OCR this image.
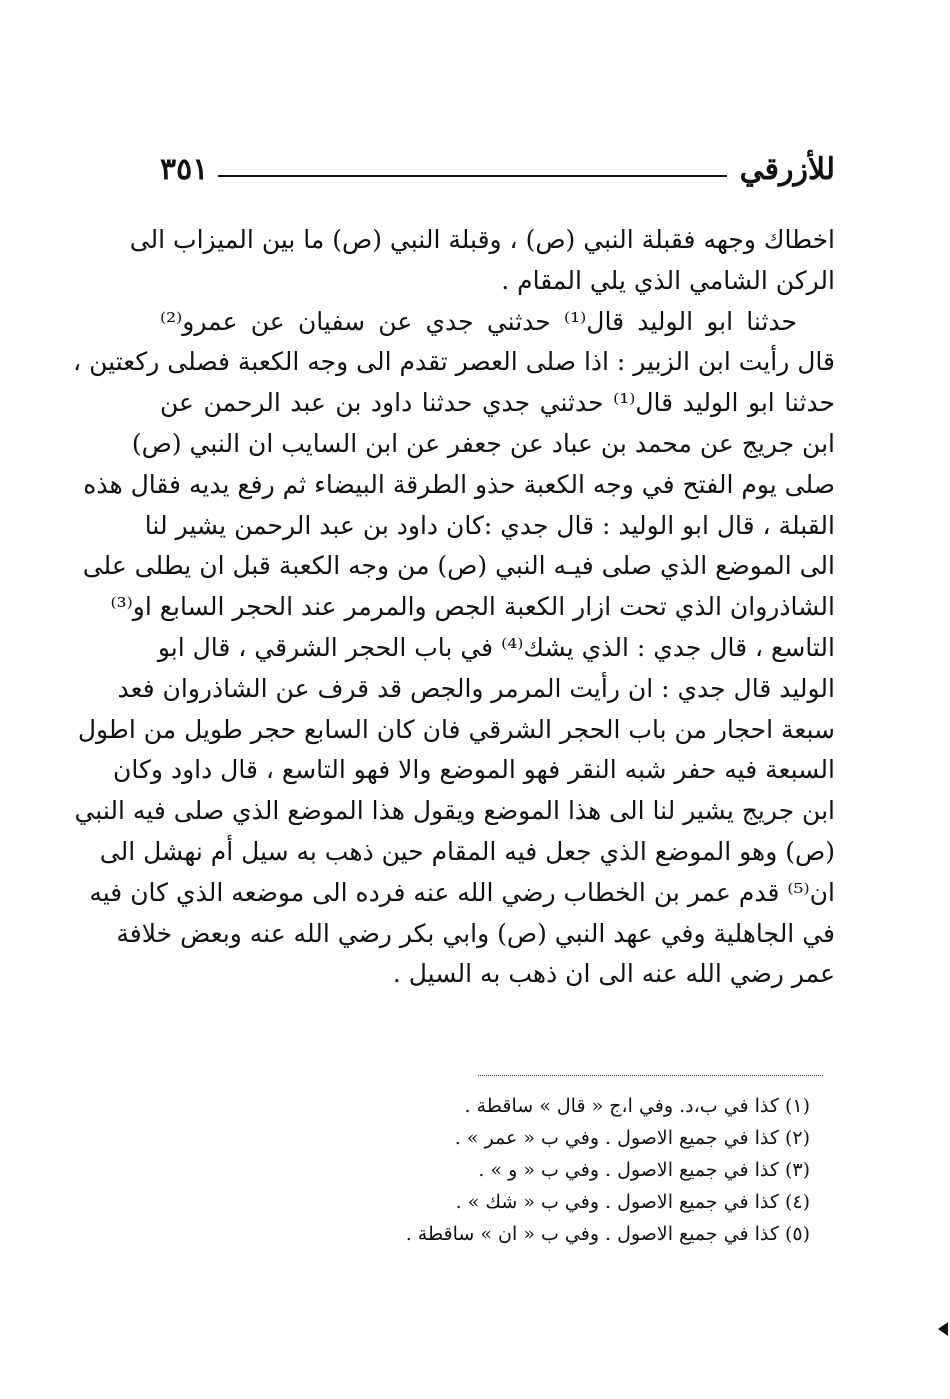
للأزرقي
٣٥١
اخطاك وجهه فقبلة النبي (ص) ، وقبلة النبي (ص) ما بين الميزاب الى
الركن الشامي الذي يلي المقام .
حدثنا ابو الوليد قال⁽¹⁾ حدثني جدي عن سفيان عن عمرو⁽²⁾
قال رأيت ابن الزبير : اذا صلى العصر تقدم الى وجه الكعبة فصلى ركعتين ،
حدثنا ابو الوليد قال⁽¹⁾ حدثني جدي حدثنا داود بن عبد الرحمن عن
ابن جريج عن محمد بن عباد عن جعفر عن ابن السايب ان النبي (ص)
صلى يوم الفتح في وجه الكعبة حذو الطرقة البيضاء ثم رفع يديه فقال هذه
القبلة ، قال ابو الوليد : قال جدي :كان داود بن عبد الرحمن يشير لنا
الى الموضع الذي صلى فيـه النبي (ص) من وجه الكعبة قبل ان يطلى على
الشاذروان الذي تحت ازار الكعبة الجص والمرمر عند الحجر السابع او⁽³⁾
التاسع ، قال جدي : الذي يشك⁽⁴⁾ في باب الحجر الشرقي ، قال ابو
الوليد قال جدي : ان رأيت المرمر والجص قد قرف عن الشاذروان فعد
سبعة احجار من باب الحجر الشرقي فان كان السابع حجر طويل من اطول
السبعة فيه حفر شبه النقر فهو الموضع والا فهو التاسع ، قال داود وكان
ابن جريج يشير لنا الى هذا الموضع ويقول هذا الموضع الذي صلى فيه النبي
(ص) وهو الموضع الذي جعل فيه المقام حين ذهب به سيل أم نهشل الى
ان⁽⁵⁾ قدم عمر بن الخطاب رضي الله عنه فرده الى موضعه الذي كان فيه
في الجاهلية وفي عهد النبي (ص) وابي بكر رضي الله عنه وبعض خلافة
عمر رضي الله عنه الى ان ذهب به السيل .
(١) كذا في ب،د. وفي ا،ج « قال » ساقطة .
(٢) كذا في جميع الاصول . وفي ب « عمر » .
(٣) كذا في جميع الاصول . وفي ب « و » .
(٤) كذا في جميع الاصول . وفي ب « شك » .
(٥) كذا في جميع الاصول . وفي ب « ان » ساقطة .
